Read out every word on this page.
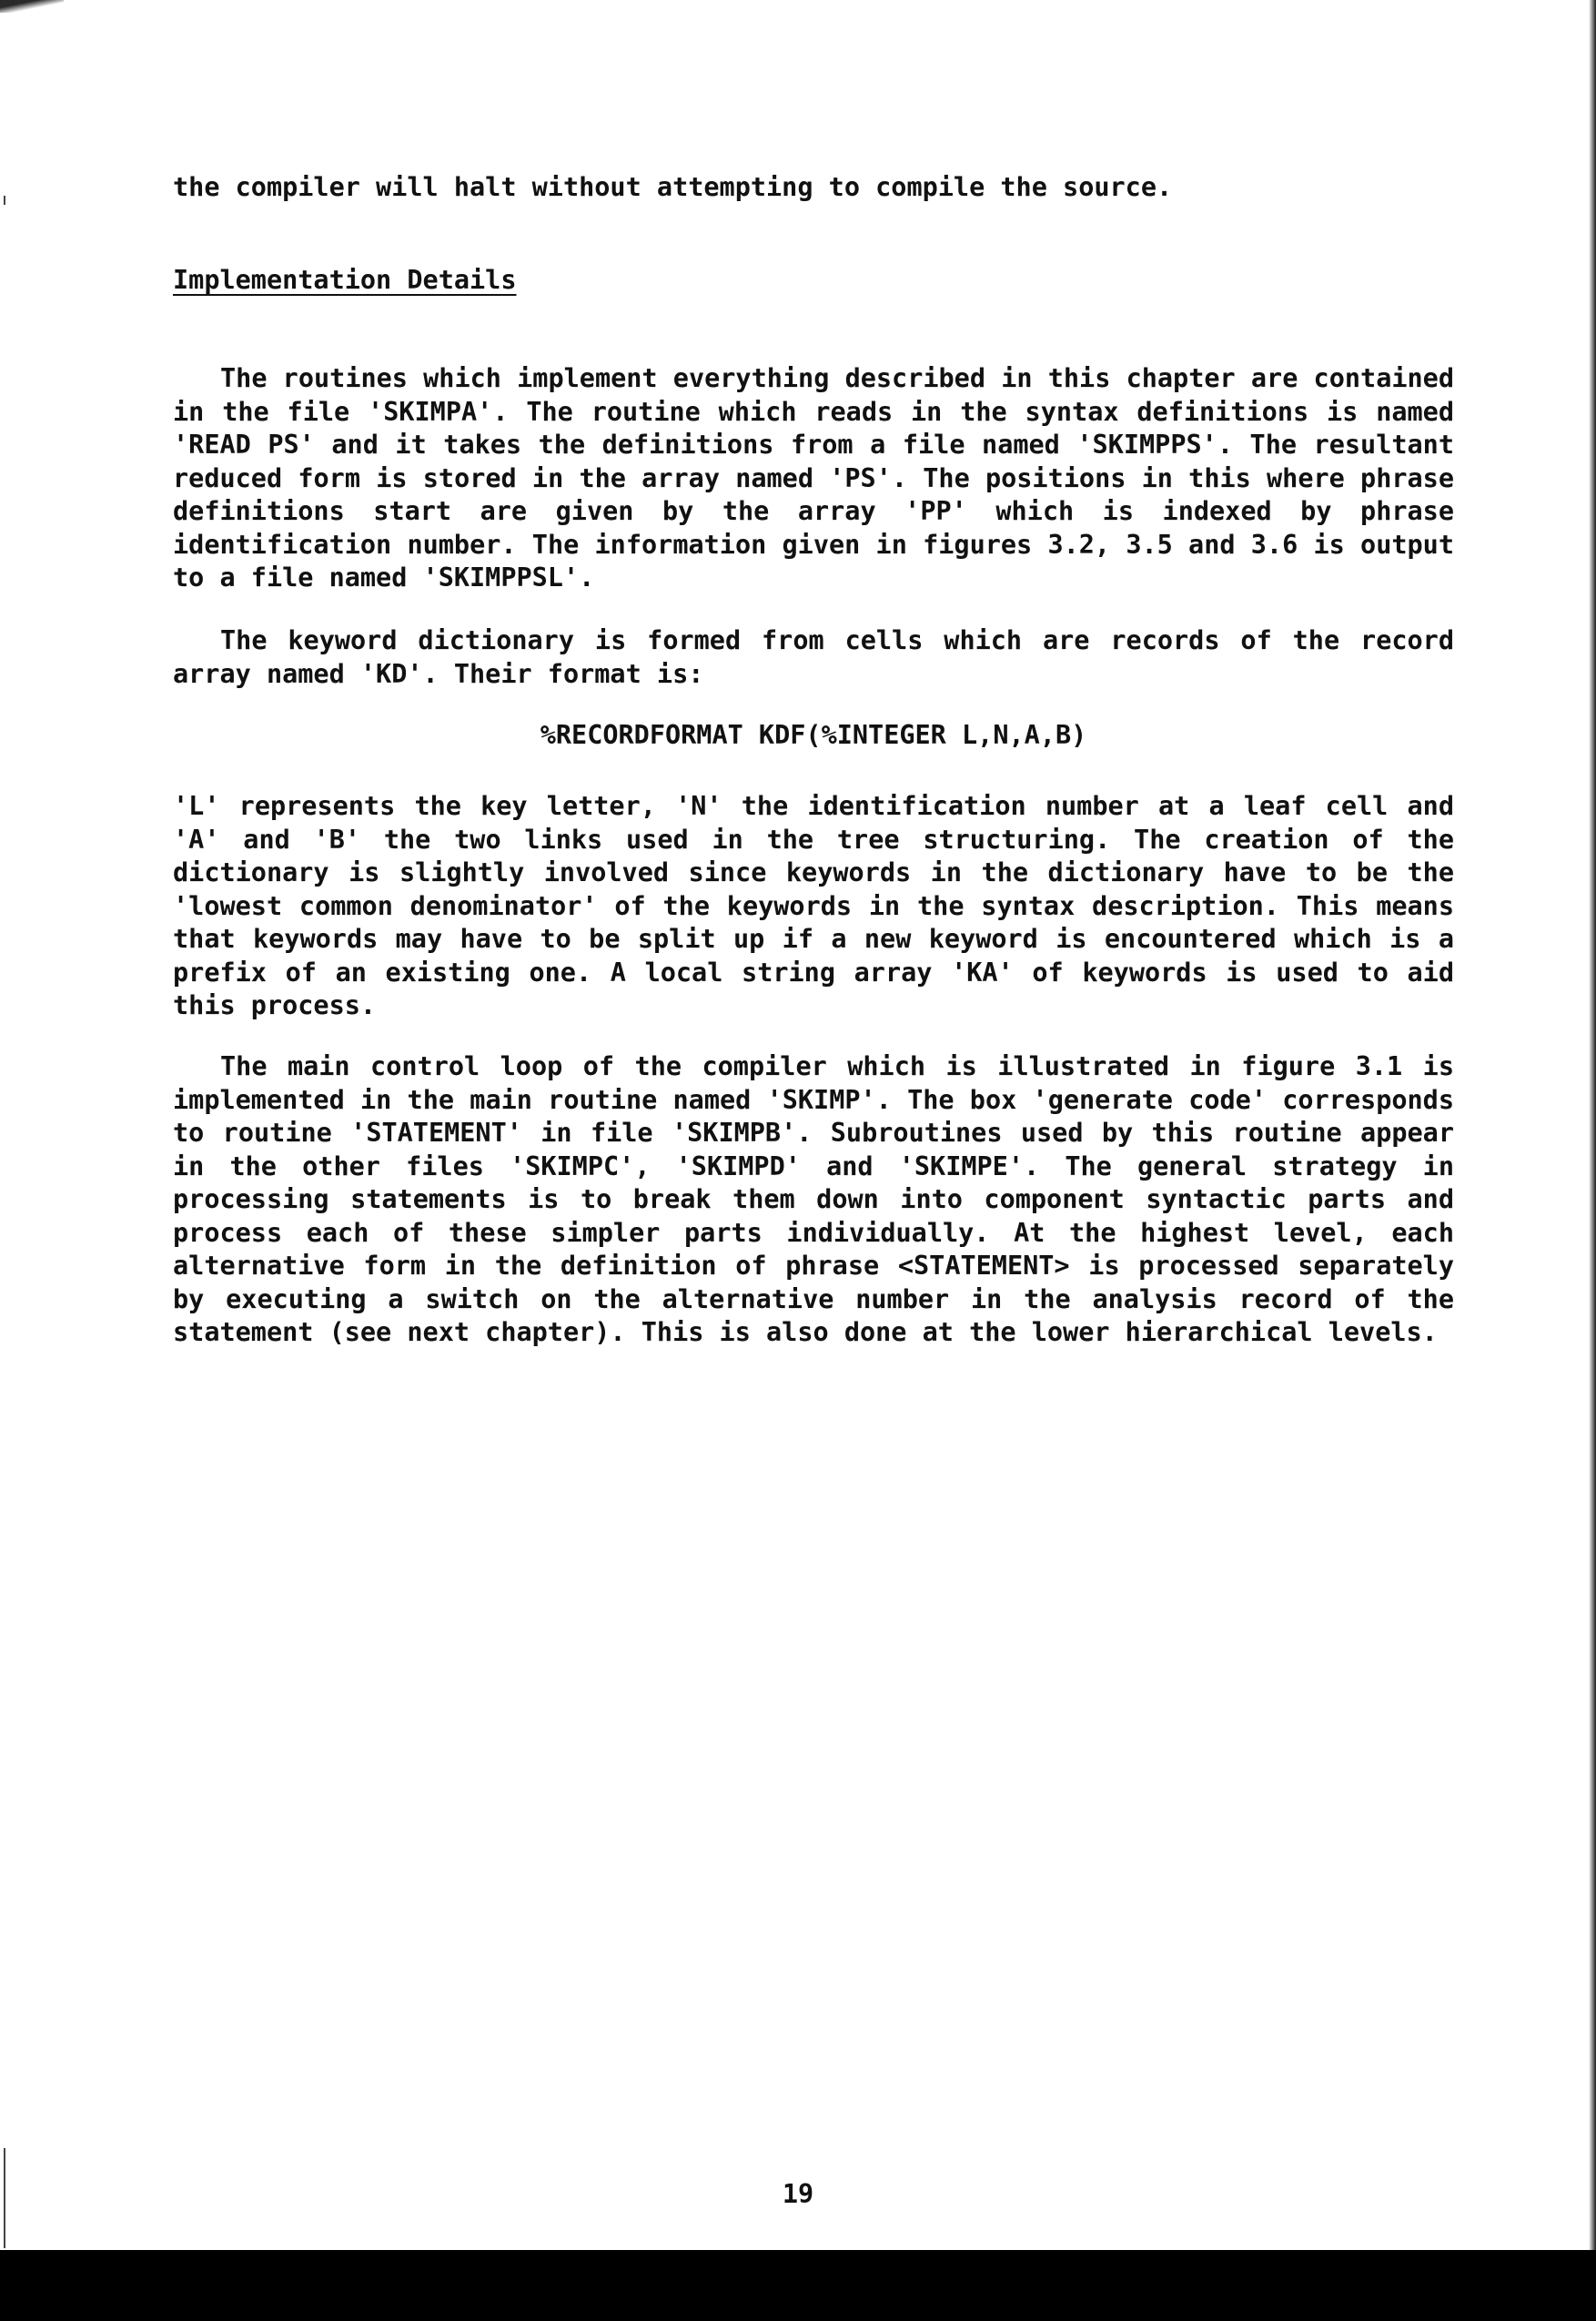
the compiler will halt without attempting to compile the source.
Implementation Details

The routines which implement everything described in this chapter are contained in the file 'SKIMPA'. The routine which reads in the syntax definitions is named 'READ PS' and it takes the definitions from a file named 'SKIMPPS'. The resultant reduced form is stored in the array named 'PS'. The positions in this where phrase definitions start are given by the array 'PP' which is indexed by phrase identification number. The information given in figures 3.2, 3.5 and 3.6 is output to a file named 'SKIMPPSL'.

The keyword dictionary is formed from cells which are records of the record array named 'KD'. Their format is:

%RECORDFORMAT KDF(%INTEGER L,N,A,B)

'L' represents the key letter, 'N' the identification number at a leaf cell and 'A' and 'B' the two links used in the tree structuring. The creation of the dictionary is slightly involved since keywords in the dictionary have to be the 'lowest common denominator' of the keywords in the syntax description. This means that keywords may have to be split up if a new keyword is encountered which is a prefix of an existing one. A local string array 'KA' of keywords is used to aid this process.

The main control loop of the compiler which is illustrated in figure 3.1 is implemented in the main routine named 'SKIMP'. The box 'generate code' corresponds to routine 'STATEMENT' in file 'SKIMPB'. Subroutines used by this routine appear in the other files 'SKIMPC', 'SKIMPD' and 'SKIMPE'. The general strategy in processing statements is to break them down into component syntactic parts and process each of these simpler parts individually. At the highest level, each alternative form in the definition of phrase <STATEMENT> is processed separately by executing a switch on the alternative number in the analysis record of the statement (see next chapter). This is also done at the lower hierarchical levels.

19
